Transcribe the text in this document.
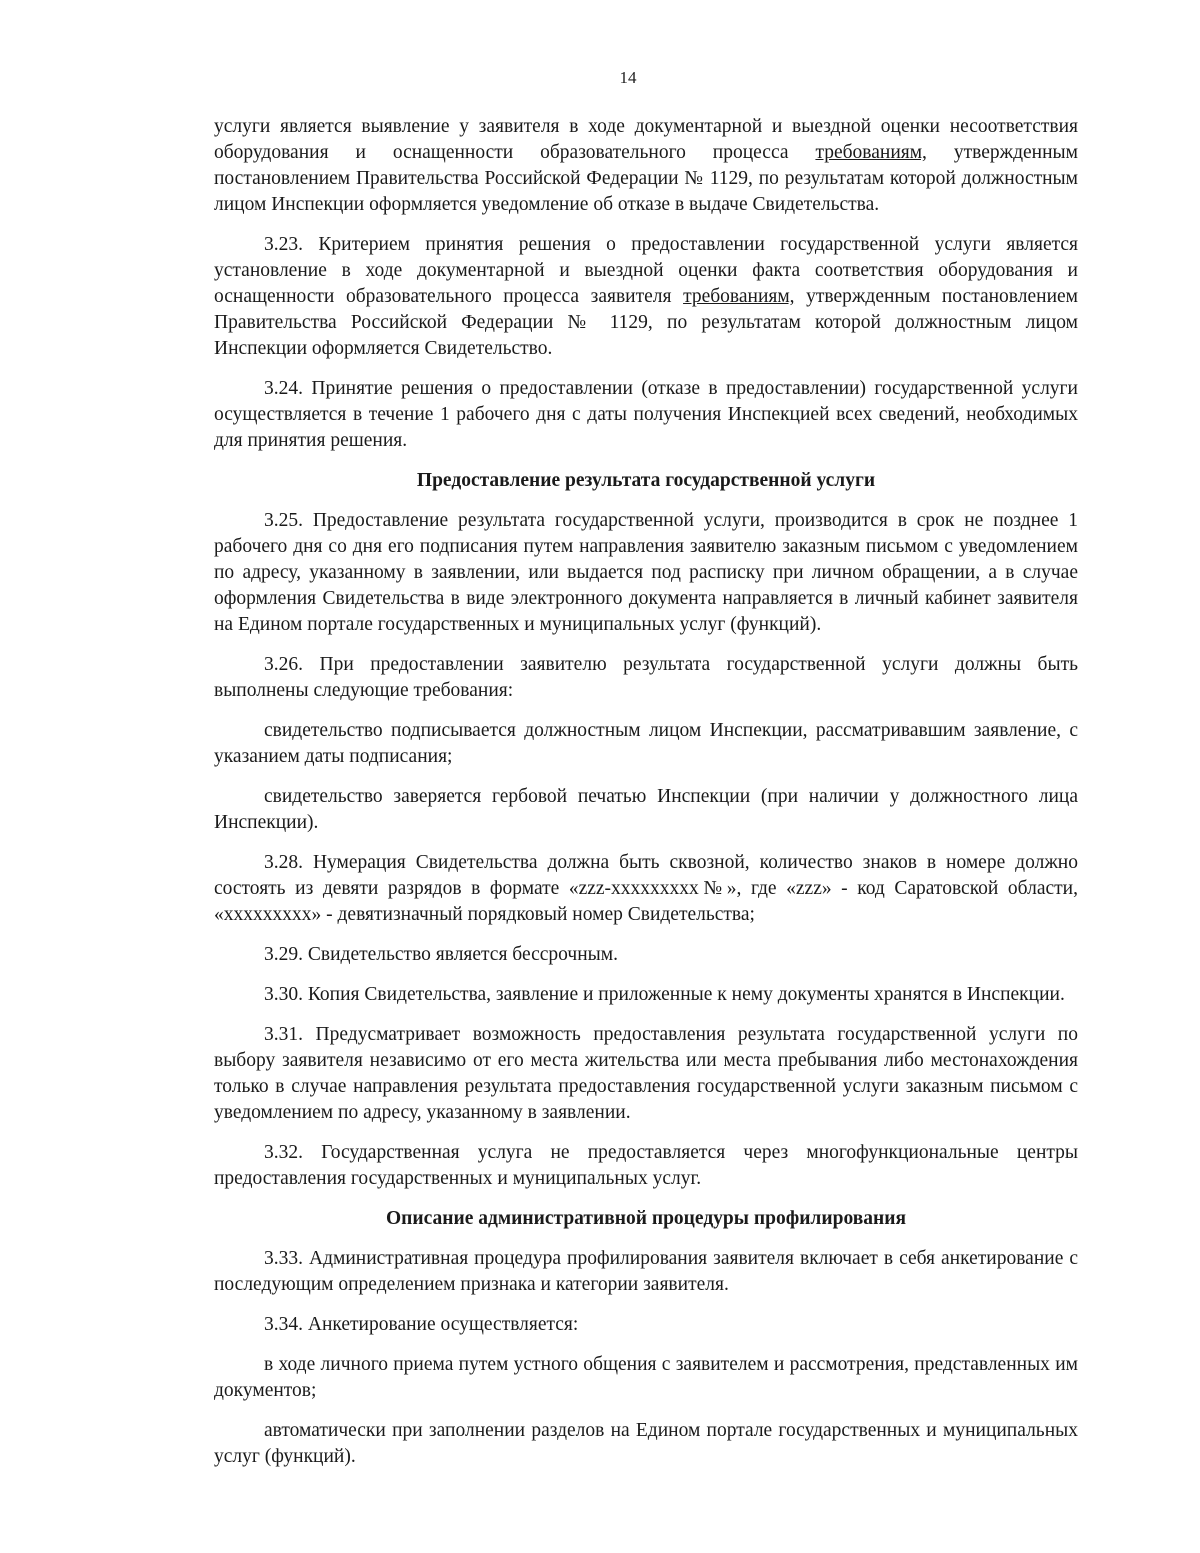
14

услуги является выявление у заявителя в ходе документарной и выездной оценки несоответствия оборудования и оснащенности образовательного процесса требованиям, утвержденным постановлением Правительства Российской Федерации № 1129, по результатам которой должностным лицом Инспекции оформляется уведомление об отказе в выдаче Свидетельства.

3.23. Критерием принятия решения о предоставлении государственной услуги является установление в ходе документарной и выездной оценки факта соответствия оборудования и оснащенности образовательного процесса заявителя требованиям, утвержденным постановлением Правительства Российской Федерации № 1129, по результатам которой должностным лицом Инспекции оформляется Свидетельство.

3.24. Принятие решения о предоставлении (отказе в предоставлении) государственной услуги осуществляется в течение 1 рабочего дня с даты получения Инспекцией всех сведений, необходимых для принятия решения.

Предоставление результата государственной услуги

3.25. Предоставление результата государственной услуги, производится в срок не позднее 1 рабочего дня со дня его подписания путем направления заявителю заказным письмом с уведомлением по адресу, указанному в заявлении, или выдается под расписку при личном обращении, а в случае оформления Свидетельства в виде электронного документа направляется в личный кабинет заявителя на Едином портале государственных и муниципальных услуг (функций).

3.26. При предоставлении заявителю результата государственной услуги должны быть выполнены следующие требования:

свидетельство подписывается должностным лицом Инспекции, рассматривавшим заявление, с указанием даты подписания;

свидетельство заверяется гербовой печатью Инспекции (при наличии у должностного лица Инспекции).

3.28. Нумерация Свидетельства должна быть сквозной, количество знаков в номере должно состоять из девяти разрядов в формате «zzz-xxxxxxxxx№», где «zzz» - код Саратовской области, «xxxxxxxxx» - девятизначный порядковый номер Свидетельства;

3.29. Свидетельство является бессрочным.

3.30. Копия Свидетельства, заявление и приложенные к нему документы хранятся в Инспекции.

3.31. Предусматривает возможность предоставления результата государственной услуги по выбору заявителя независимо от его места жительства или места пребывания либо местонахождения только в случае направления результата предоставления государственной услуги заказным письмом с уведомлением по адресу, указанному в заявлении.

3.32. Государственная услуга не предоставляется через многофункциональные центры предоставления государственных и муниципальных услуг.

Описание административной процедуры профилирования

3.33. Административная процедура профилирования заявителя включает в себя анкетирование с последующим определением признака и категории заявителя.

3.34. Анкетирование осуществляется:

в ходе личного приема путем устного общения с заявителем и рассмотрения, представленных им документов;

автоматически при заполнении разделов на Едином портале государственных и муниципальных услуг (функций).
